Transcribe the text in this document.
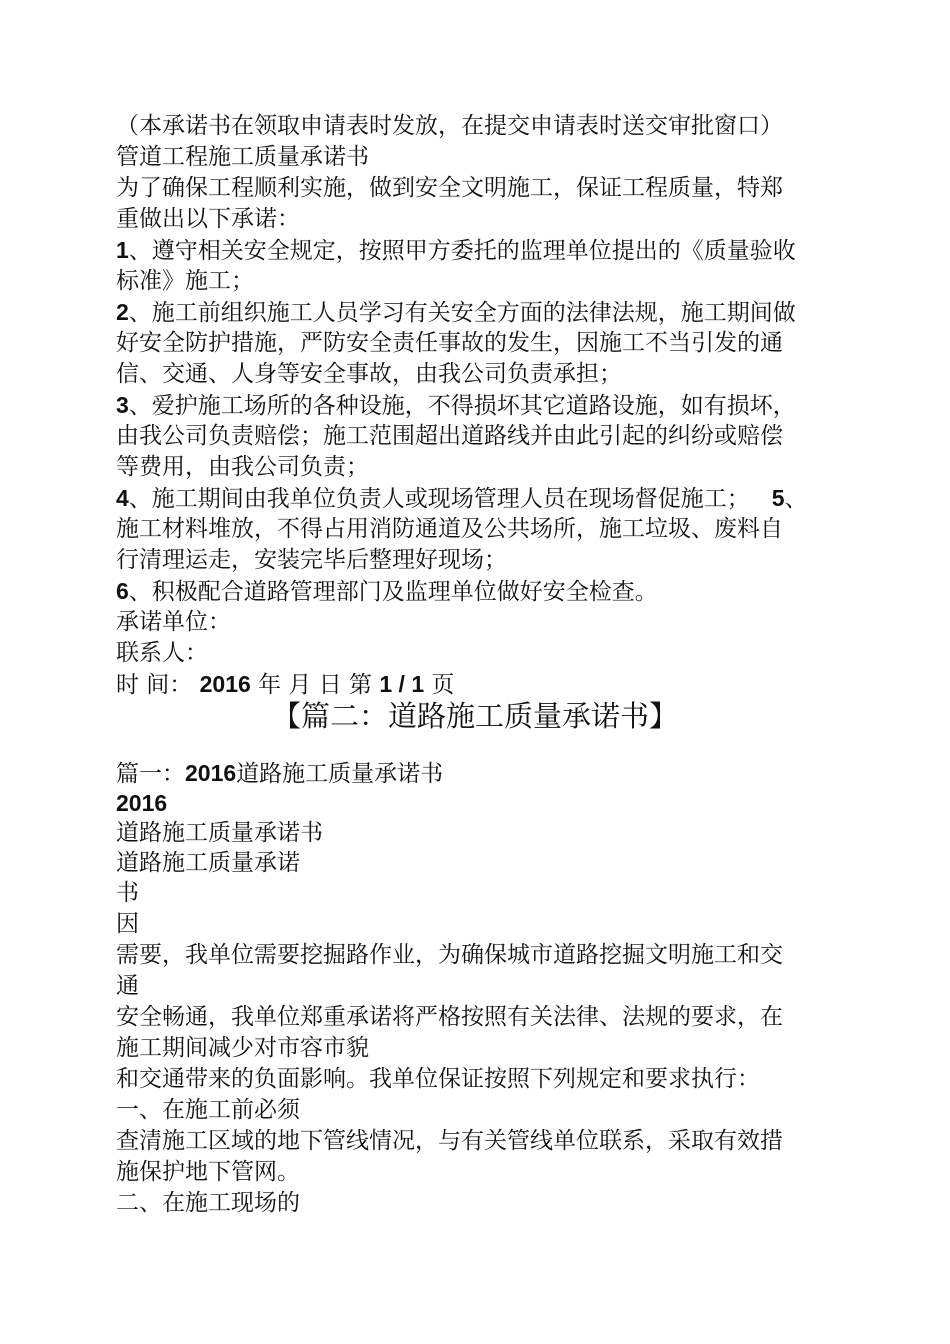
（本承诺书在领取申请表时发放，在提交申请表时送交审批窗口）
管道工程施工质量承诺书
为了确保工程顺利实施，做到安全文明施工，保证工程质量，特郑
重做出以下承诺：
1、遵守相关安全规定，按照甲方委托的监理单位提出的《质量验收
标准》施工；
2、施工前组织施工人员学习有关安全方面的法律法规，施工期间做
好安全防护措施，严防安全责任事故的发生，因施工不当引发的通
信、交通、人身等安全事故，由我公司负责承担；
3、爱护施工场所的各种设施，不得损坏其它道路设施，如有损坏，
由我公司负责赔偿；施工范围超出道路线并由此引起的纠纷或赔偿
等费用，由我公司负责；
4、施工期间由我单位负责人或现场管理人员在现场督促施工； 5、
施工材料堆放，不得占用消防通道及公共场所，施工垃圾、废料自
行清理运走，安装完毕后整理好现场；
6、积极配合道路管理部门及监理单位做好安全检查。
承诺单位：
联系人：
时 间： 2016 年 月 日 第 1 / 1 页
【篇二：道路施工质量承诺书】
篇一：2016道路施工质量承诺书
2016
道路施工质量承诺书
道路施工质量承诺
书
因
需要，我单位需要挖掘路作业，为确保城市道路挖掘文明施工和交
通
安全畅通，我单位郑重承诺将严格按照有关法律、法规的要求，在
施工期间减少对市容市貌
和交通带来的负面影响。我单位保证按照下列规定和要求执行：
一、在施工前必须
查清施工区域的地下管线情况，与有关管线单位联系，采取有效措
施保护地下管网。
二、在施工现场的
